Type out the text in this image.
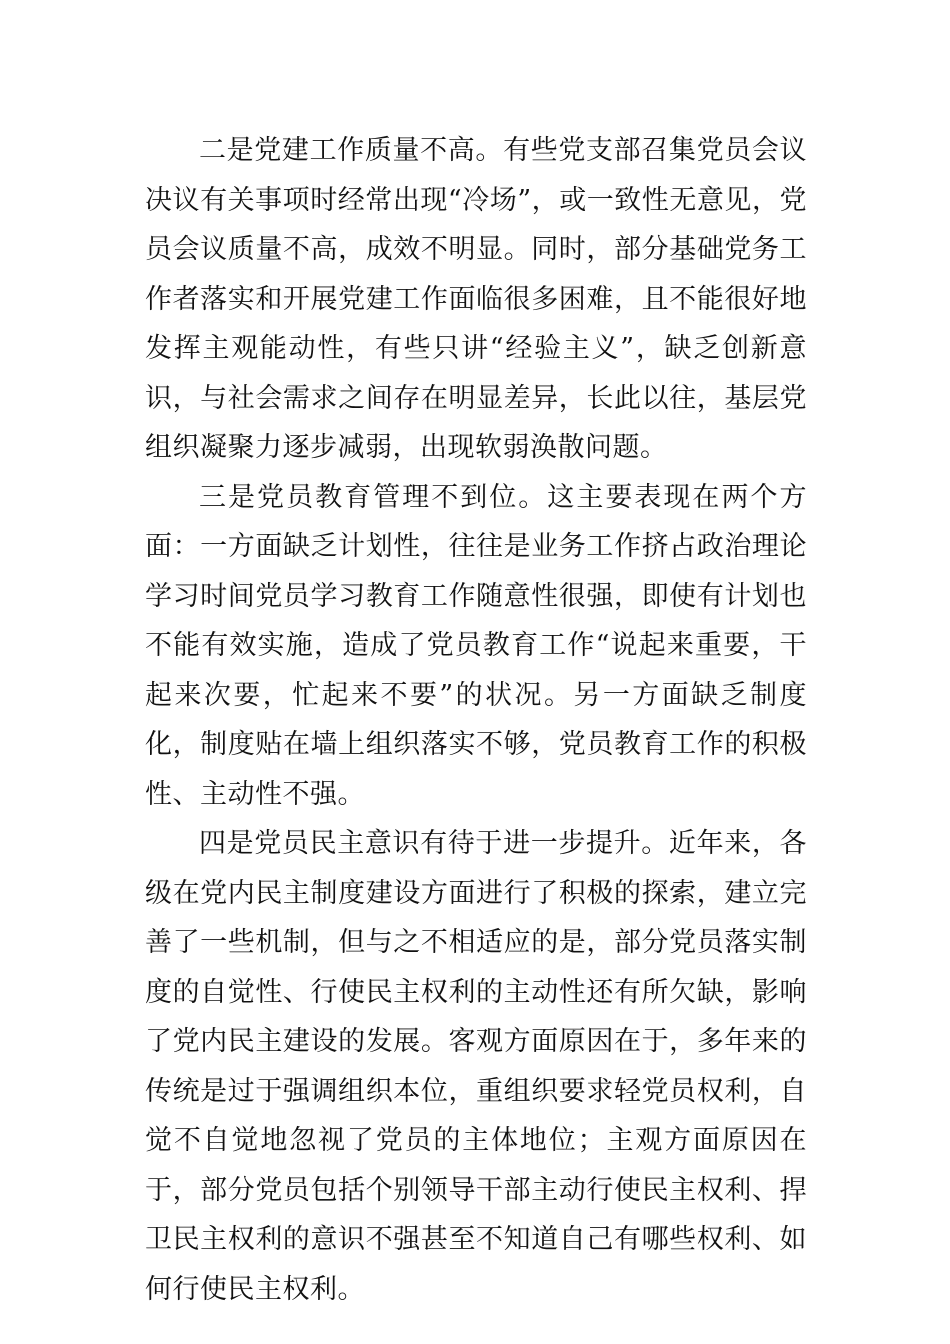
二是党建工作质量不高。有些党支部召集党员会议决议有关事项时经常出现“冷场”，或一致性无意见，党员会议质量不高，成效不明显。同时，部分基础党务工作者落实和开展党建工作面临很多困难，且不能很好地发挥主观能动性，有些只讲“经验主义”，缺乏创新意识，与社会需求之间存在明显差异，长此以往，基层党组织凝聚力逐步减弱，出现软弱涣散问题。

三是党员教育管理不到位。这主要表现在两个方面：一方面缺乏计划性，往往是业务工作挤占政治理论学习时间党员学习教育工作随意性很强，即使有计划也不能有效实施，造成了党员教育工作“说起来重要，干起来次要，忙起来不要”的状况。另一方面缺乏制度化，制度贴在墙上组织落实不够，党员教育工作的积极性、主动性不强。

四是党员民主意识有待于进一步提升。近年来，各级在党内民主制度建设方面进行了积极的探索，建立完善了一些机制，但与之不相适应的是，部分党员落实制度的自觉性、行使民主权利的主动性还有所欠缺，影响了党内民主建设的发展。客观方面原因在于，多年来的传统是过于强调组织本位，重组织要求轻党员权利，自觉不自觉地忽视了党员的主体地位；主观方面原因在于，部分党员包括个别领导干部主动行使民主权利、捍卫民主权利的意识不强甚至不知道自己有哪些权利、如何行使民主权利。
